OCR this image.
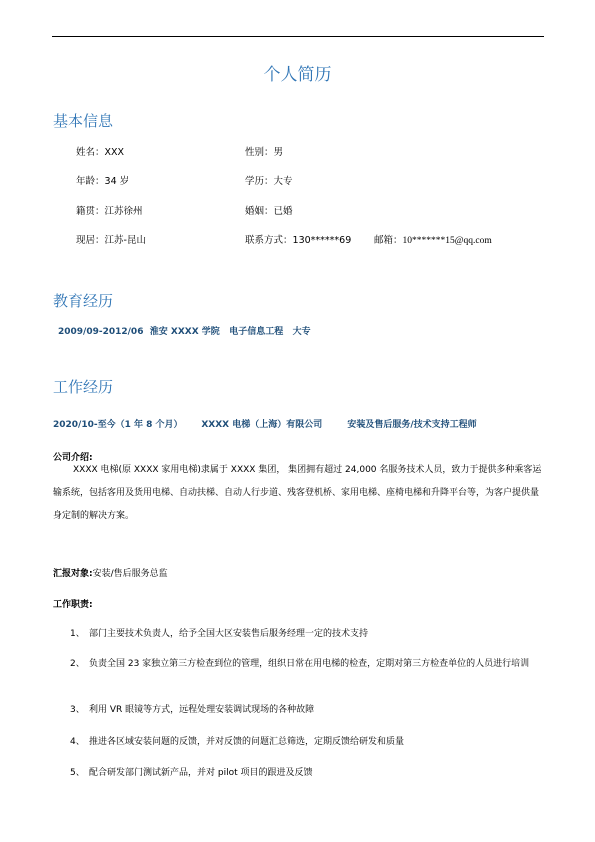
个人简历
基本信息
姓名：XXX	性别：男
年龄：34 岁	学历：大专
籍贯：江苏徐州	婚姻：已婚
现居：江苏-昆山	联系方式：130******69 邮箱：10*******15@qq.com
教育经历
2009/09-2012/06 淮安 XXXX 学院 电子信息工程 大专
工作经历
2020/10-至今（1 年 8 个月） XXXX 电梯（上海）有限公司	安装及售后服务/技术支持工程师
公司介绍:
XXXX 电梯(原 XXXX 家用电梯)隶属于 XXXX 集团， 集团拥有超过 24,000 名服务技术人员，致力于提供多种乘客运输系统，包括客用及货用电梯、自动扶梯、自动人行步道、残客登机桥、家用电梯、座椅电梯和升降平台等，为客户提供量身定制的解决方案。
汇报对象:安装/售后服务总监
工作职责:
1、 部门主要技术负责人，给予全国大区安装售后服务经理一定的技术支持
2、 负责全国 23 家独立第三方检查到位的管理，组织日常在用电梯的检查，定期对第三方检查单位的人员进行培训
3、 利用 VR 眼镜等方式，远程处理安装调试现场的各种故障
4、 推进各区域安装问题的反馈，并对反馈的问题汇总筛选，定期反馈给研发和质量
5、 配合研发部门测试新产品，并对 pilot 项目的跟进及反馈
